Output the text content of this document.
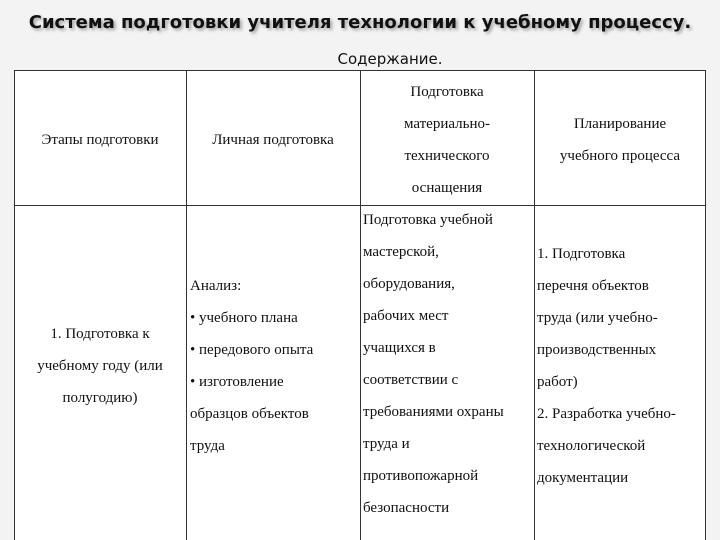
Система подготовки учителя технологии к учебному процессу.
Содержание.
Этапы подготовки	Личная подготовка
Подготовка
материально-
технического
оснащения
Планирование
учебного процесса
1. Подготовка к
учебному году (или
полугодию)
Анализ:
• учебного плана
• передового опыта
• изготовление
образцов объектов
труда
Подготовка учебной
мастерской,
оборудования,
рабочих мест
учащихся в
соответствии с
требованиями охраны
труда и
противопожарной
безопасности
1. Подготовка
перечня объектов
труда (или учебно-
производственных
работ)
2. Разработка учебно-
технологической
документации
